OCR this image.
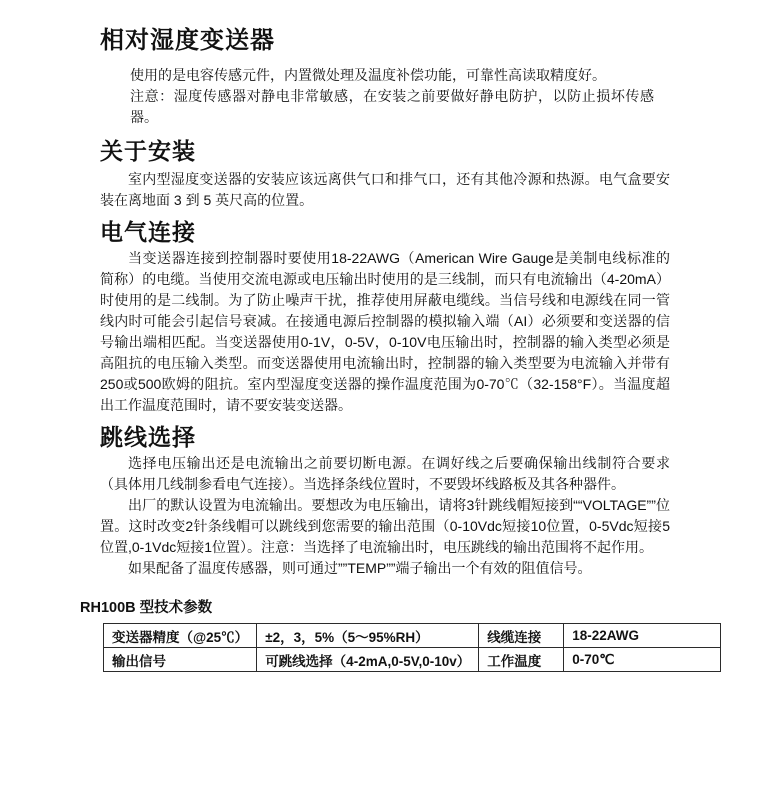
相对湿度变送器

使用的是电容传感元件，内置微处理及温度补偿功能，可靠性高读取精度好。

注意：湿度传感器对静电非常敏感，在安装之前要做好静电防护，以防止损坏传感器。

关于安装

室内型湿度变送器的安装应该远离供气口和排气口，还有其他冷源和热源。电气盒要安装在离地面 3 到 5 英尺高的位置。

电气连接

当变送器连接到控制器时要使用18-22AWG（American Wire Gauge是美制电线标准的简称）的电缆。当使用交流电源或电压输出时使用的是三线制，而只有电流输出（4-20mA）时使用的是二线制。为了防止噪声干扰，推荐使用屏蔽电缆线。当信号线和电源线在同一管线内时可能会引起信号衰减。在接通电源后控制器的模拟输入端（AI）必须要和变送器的信号输出端相匹配。当变送器使用0-1V，0-5V，0-10V电压输出时，控制器的输入类型必须是高阻抗的电压输入类型。而变送器使用电流输出时，控制器的输入类型要为电流输入并带有250或500欧姆的阻抗。室内型湿度变送器的操作温度范围为0-70℃（32-158°F）。当温度超出工作温度范围时，请不要安装变送器。

跳线选择

选择电压输出还是电流输出之前要切断电源。在调好线之后要确保输出线制符合要求（具体用几线制参看电气连接）。当选择条线位置时，不要毁坏线路板及其各种器件。

出厂的默认设置为电流输出。要想改为电压输出，请将3针跳线帽短接到““VOLTAGE””位置。这时改变2针条线帽可以跳线到您需要的输出范围（0-10Vdc短接10位置，0-5Vdc短接5位置,0-1Vdc短接1位置）。注意：当选择了电流输出时，电压跳线的输出范围将不起作用。

如果配备了温度传感器，则可通过””TEMP””端子输出一个有效的阻值信号。

RH100B 型技术参数
变送器精度（@25℃）	±2，3，5%（5～95%RH）	线缆连接	18-22AWG
输出信号	可跳线选择（4-2mA,0-5V,0-10v）	工作温度	0-70℃
